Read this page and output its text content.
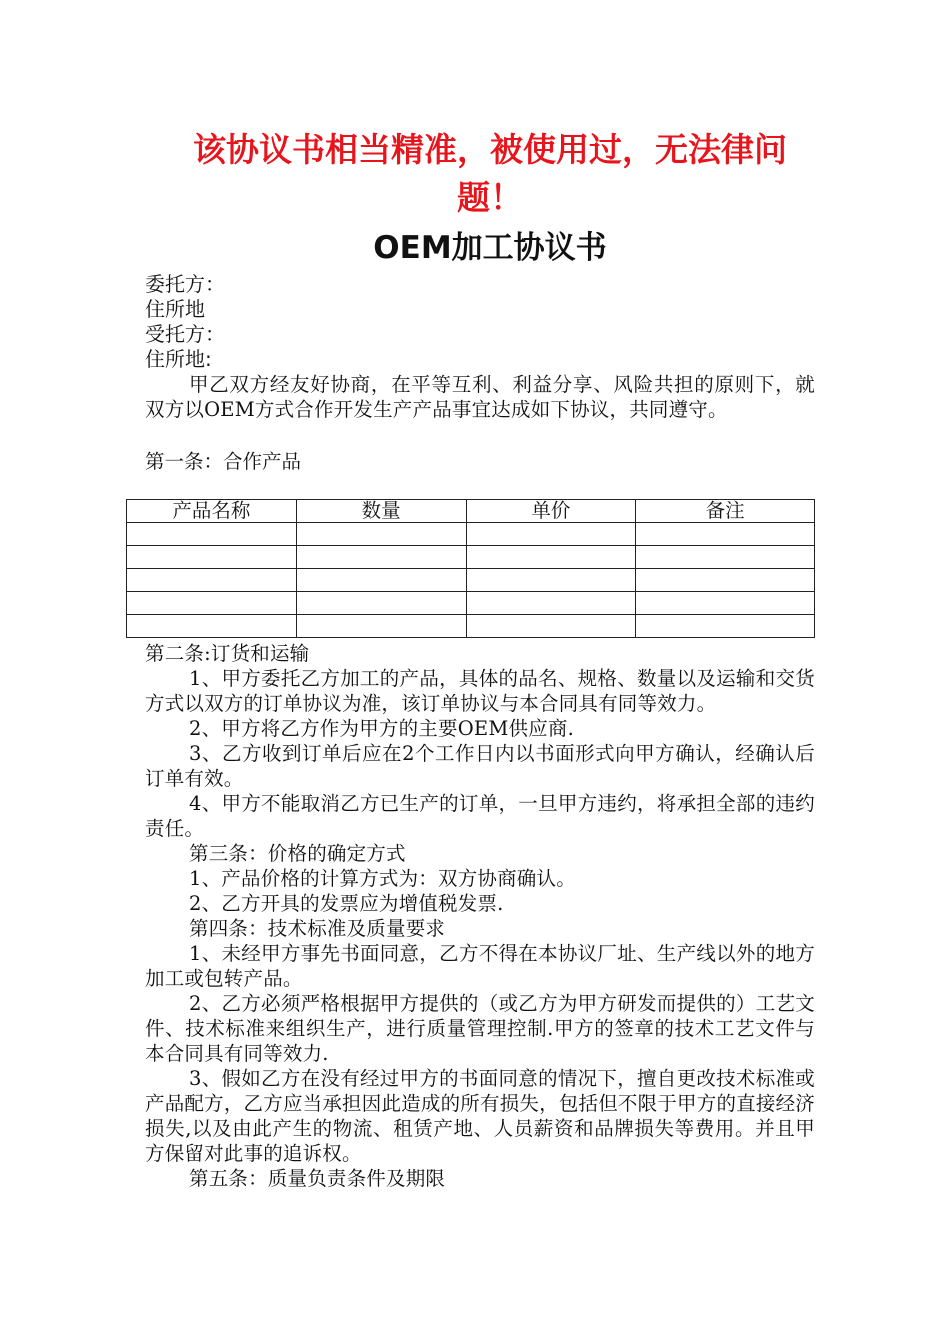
该协议书相当精准，被使用过，无法律问
题！
OEM加工协议书
委托方：
住所地
受托方：
住所地:

甲乙双方经友好协商，在平等互利、利益分享、风险共担的原则下，就双方以OEM方式合作开发生产产品事宜达成如下协议，共同遵守。

第一条：合作产品
产品名称	数量	单价	备注

第二条:订货和运输

1、甲方委托乙方加工的产品，具体的品名、规格、数量以及运输和交货方式以双方的订单协议为准，该订单协议与本合同具有同等效力。

2、甲方将乙方作为甲方的主要OEM供应商.

3、乙方收到订单后应在2个工作日内以书面形式向甲方确认，经确认后订单有效。

4、甲方不能取消乙方已生产的订单，一旦甲方违约，将承担全部的违约责任。

第三条：价格的确定方式

1、产品价格的计算方式为：双方协商确认。

2、乙方开具的发票应为增值税发票.

第四条：技术标准及质量要求

1、未经甲方事先书面同意，乙方不得在本协议厂址、生产线以外的地方加工或包转产品。

2、乙方必须严格根据甲方提供的（或乙方为甲方研发而提供的）工艺文件、技术标准来组织生产，进行质量管理控制.甲方的签章的技术工艺文件与本合同具有同等效力.

3、假如乙方在没有经过甲方的书面同意的情况下，擅自更改技术标准或产品配方，乙方应当承担因此造成的所有损失，包括但不限于甲方的直接经济损失,以及由此产生的物流、租赁产地、人员薪资和品牌损失等费用。并且甲方保留对此事的追诉权。

第五条：质量负责条件及期限
